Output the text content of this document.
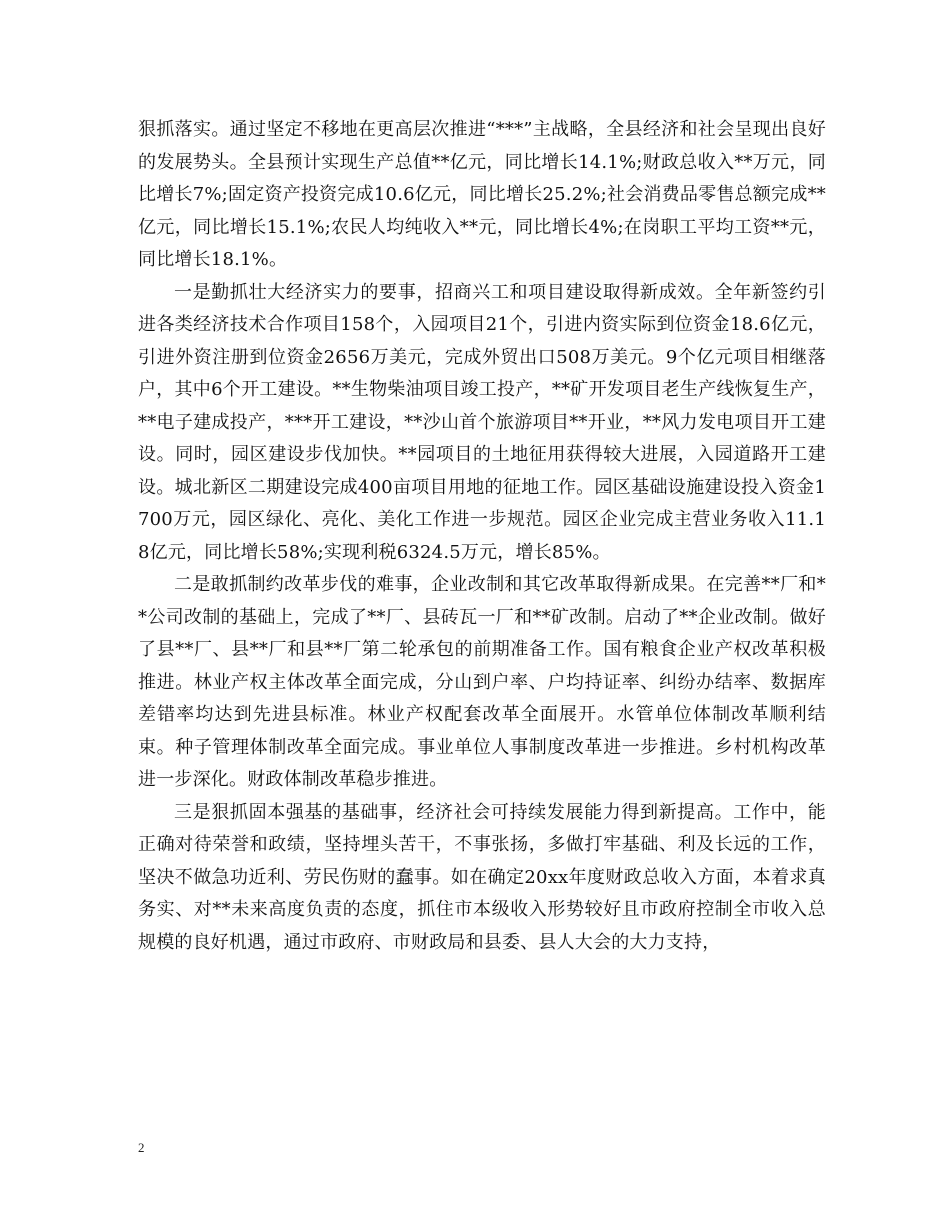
狠抓落实。通过坚定不移地在更高层次推进“***”主战略，全县经济和社会呈现出良好的发展势头。全县预计实现生产总值**亿元，同比增长14.1%;财政总收入**万元，同比增长7%;固定资产投资完成10.6亿元，同比增长25.2%;社会消费品零售总额完成**亿元，同比增长15.1%;农民人均纯收入**元，同比增长4%;在岗职工平均工资**元，同比增长18.1%。

一是勤抓壮大经济实力的要事，招商兴工和项目建设取得新成效。全年新签约引进各类经济技术合作项目158个，入园项目21个，引进内资实际到位资金18.6亿元，引进外资注册到位资金2656万美元，完成外贸出口508万美元。9个亿元项目相继落户，其中6个开工建设。**生物柴油项目竣工投产，**矿开发项目老生产线恢复生产，**电子建成投产，***开工建设，**沙山首个旅游项目**开业，**风力发电项目开工建设。同时，园区建设步伐加快。**园项目的土地征用获得较大进展，入园道路开工建设。城北新区二期建设完成400亩项目用地的征地工作。园区基础设施建设投入资金1700万元，园区绿化、亮化、美化工作进一步规范。园区企业完成主营业务收入11.18亿元，同比增长58%;实现利税6324.5万元，增长85%。

二是敢抓制约改革步伐的难事，企业改制和其它改革取得新成果。在完善**厂和**公司改制的基础上，完成了**厂、县砖瓦一厂和**矿改制。启动了**企业改制。做好了县**厂、县**厂和县**厂第二轮承包的前期准备工作。国有粮食企业产权改革积极推进。林业产权主体改革全面完成，分山到户率、户均持证率、纠纷办结率、数据库差错率均达到先进县标准。林业产权配套改革全面展开。水管单位体制改革顺利结束。种子管理体制改革全面完成。事业单位人事制度改革进一步推进。乡村机构改革进一步深化。财政体制改革稳步推进。

三是狠抓固本强基的基础事，经济社会可持续发展能力得到新提高。工作中，能正确对待荣誉和政绩，坚持埋头苦干，不事张扬，多做打牢基础、利及长远的工作，坚决不做急功近利、劳民伤财的蠢事。如在确定20xx年度财政总收入方面，本着求真务实、对**未来高度负责的态度，抓住市本级收入形势较好且市政府控制全市收入总规模的良好机遇，通过市政府、市财政局和县委、县人大会的大力支持，

2
